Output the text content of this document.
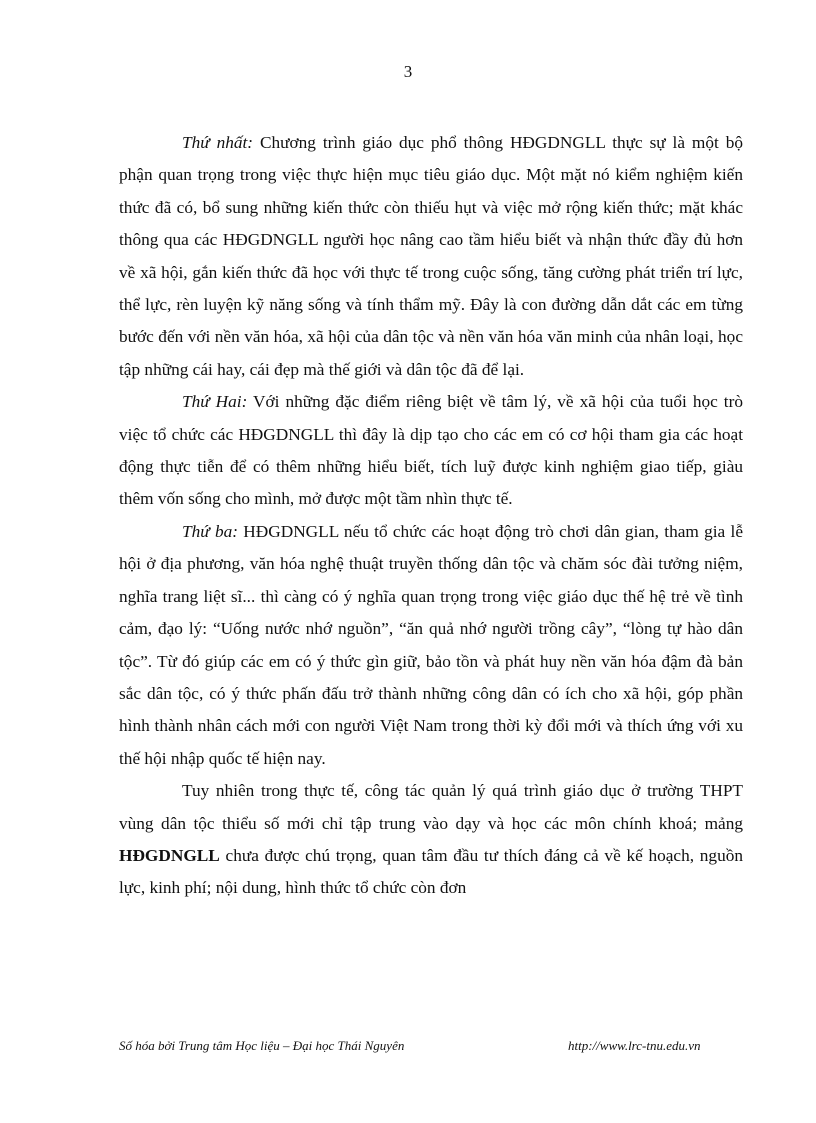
3

Thứ nhất: Chương trình giáo dục phổ thông HĐGDNGLL thực sự là một bộ phận quan trọng trong việc thực hiện mục tiêu giáo dục. Một mặt nó kiểm nghiệm kiến thức đã có, bổ sung những kiến thức còn thiếu hụt và việc mở rộng kiến thức; mặt khác thông qua các HĐGDNGLL người học nâng cao tầm hiểu biết và nhận thức đầy đủ hơn về xã hội, gắn kiến thức đã học với thực tế trong cuộc sống, tăng cường phát triển trí lực, thể lực, rèn luyện kỹ năng sống và tính thẩm mỹ. Đây là con đường dẫn dắt các em từng bước đến với nền văn hóa, xã hội của dân tộc và nền văn hóa văn minh của nhân loại, học tập những cái hay, cái đẹp mà thế giới và dân tộc đã để lại.

Thứ Hai: Với những đặc điểm riêng biệt về tâm lý, về xã hội của tuổi học trò việc tổ chức các HĐGDNGLL thì đây là dịp tạo cho các em có cơ hội tham gia các hoạt động thực tiễn để có thêm những hiểu biết, tích luỹ được kinh nghiệm giao tiếp, giàu thêm vốn sống cho mình, mở được một tầm nhìn thực tế.

Thứ ba: HĐGDNGLL nếu tổ chức các hoạt động trò chơi dân gian, tham gia lễ hội ở địa phương, văn hóa nghệ thuật truyền thống dân tộc và chăm sóc đài tưởng niệm, nghĩa trang liệt sĩ... thì càng có ý nghĩa quan trọng trong việc giáo dục thế hệ trẻ về tình cảm, đạo lý: “Uống nước nhớ nguồn”, “ăn quả nhớ người trồng cây”, “lòng tự hào dân tộc”. Từ đó giúp các em có ý thức gìn giữ, bảo tồn và phát huy nền văn hóa đậm đà bản sắc dân tộc, có ý thức phấn đấu trở thành những công dân có ích cho xã hội, góp phần hình thành nhân cách mới con người Việt Nam trong thời kỳ đổi mới và thích ứng với xu thế hội nhập quốc tế hiện nay.

Tuy nhiên trong thực tế, công tác quản lý quá trình giáo dục ở trường THPT vùng dân tộc thiểu số mới chỉ tập trung vào dạy và học các môn chính khoá; mảng HĐGDNGLL chưa được chú trọng, quan tâm đầu tư thích đáng cả về kế hoạch, nguồn lực, kinh phí; nội dung, hình thức tổ chức còn đơn

Số hóa bởi Trung tâm Học liệu – Đại học Thái Nguyên	http://www.lrc-tnu.edu.vn
